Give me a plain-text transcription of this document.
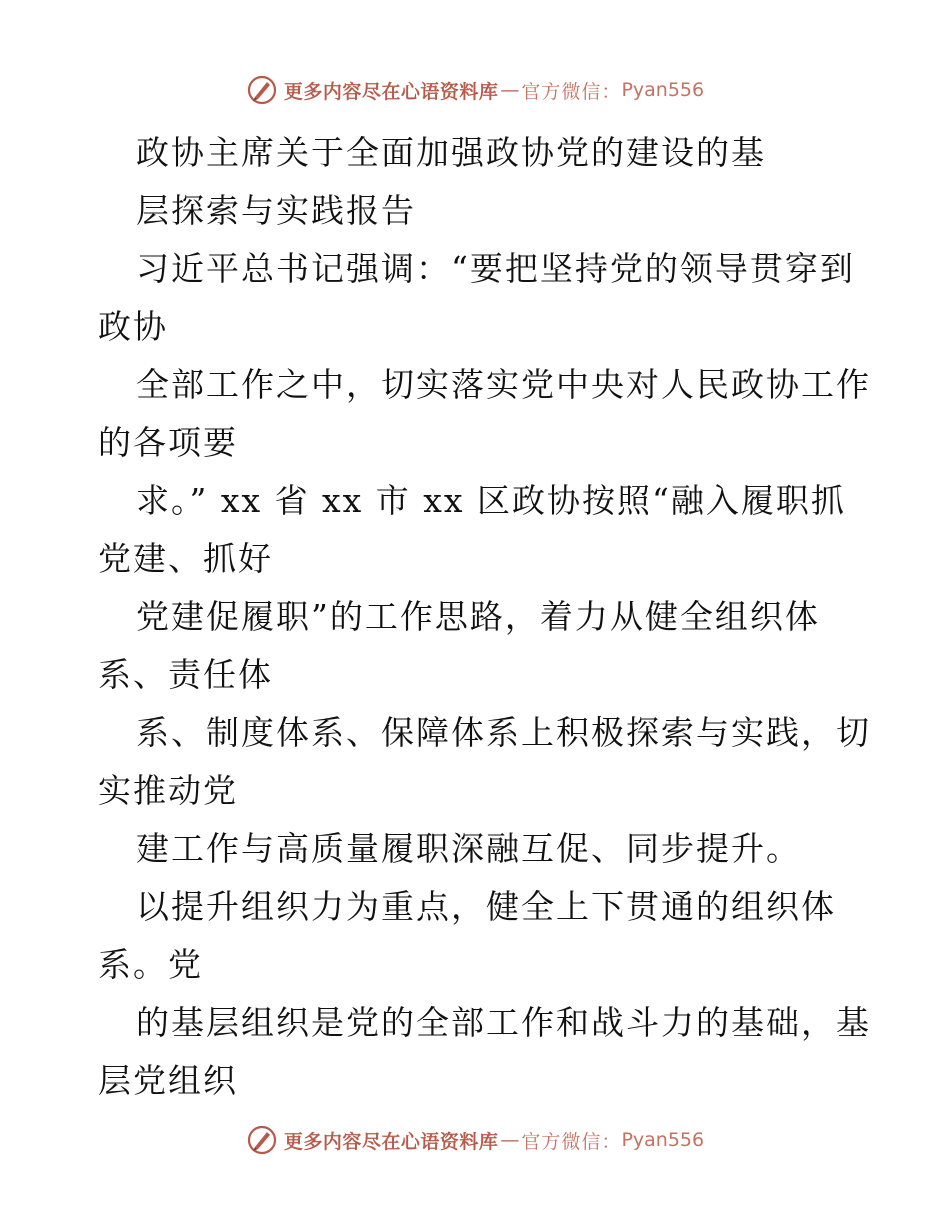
更多内容尽在心语资料库 — 官方微信： Pyan556
政协主席关于全面加强政协党的建设的基
层探索与实践报告
习近平总书记强调：“要把坚持党的领导贯穿到
政协
全部工作之中，切实落实党中央对人民政协工作
的各项要
求。” xx 省 xx 市 xx 区政协按照“融入履职抓
党建、抓好
党建促履职”的工作思路，着力从健全组织体
系、责任体
系、制度体系、保障体系上积极探索与实践，切
实推动党
建工作与高质量履职深融互促、同步提升。
以提升组织力为重点，健全上下贯通的组织体
系。党
的基层组织是党的全部工作和战斗力的基础，基
层党组织
更多内容尽在心语资料库 — 官方微信： Pyan556
